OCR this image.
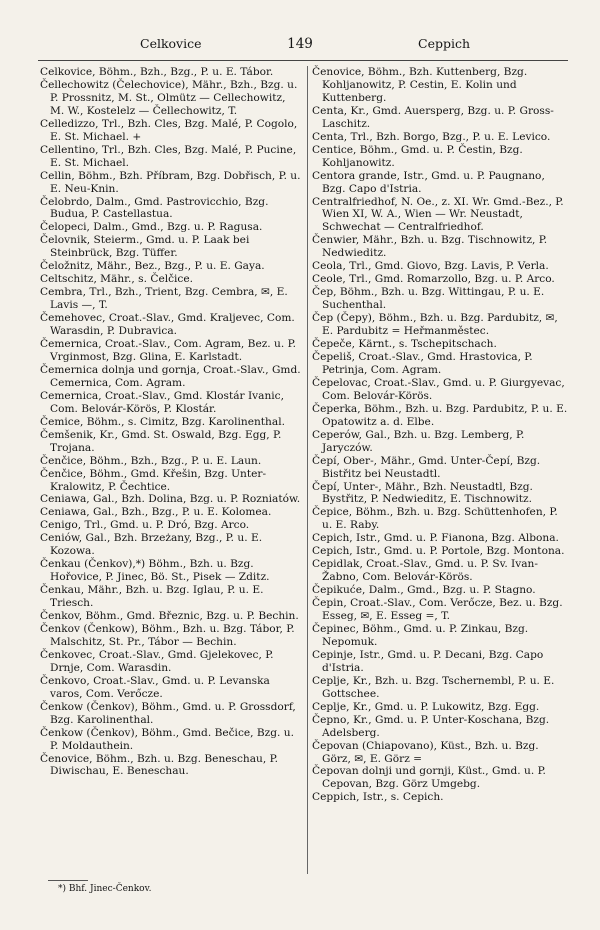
Celkovice	149	Ceppich
Celkovice, Böhm., Bzh., Bzg., P. u. E. Tábor.
Čellechowitz (Čelechovice), Mähr., Bzh., Bzg. u. P. Prossnitz, M. St., Olmütz — Cellechowitz, M. W., Kostelelz — Čellechowitz, T.
Celledizzo, Trl., Bzh. Cles, Bzg. Malé, P. Cogolo, E. St. Michael. +
Cellentino, Trl., Bzh. Cles, Bzg. Malé, P. Pucine, E. St. Michael.
Cellin, Böhm., Bzh. Příbram, Bzg. Dobřisch, P. u. E. Neu-Knin.
Čelobrdo, Dalm., Gmd. Pastrovicchio, Bzg. Budua, P. Castellastua.
Čelopeci, Dalm., Gmd., Bzg. u. P. Ragusa.
Čelovnik, Steierm., Gmd. u. P. Laak bei Steinbrück, Bzg. Tüffer.
Čeložnitz, Mähr., Bez., Bzg., P. u. E. Gaya.
Celtschitz, Mähr., s. Čelčice.
Cembra, Trl., Bzh., Trient, Bzg. Cembra, ✉, E. Lavis —, T.
Čemehovec, Croat.-Slav., Gmd. Kraljevec, Com. Warasdin, P. Dubravica.
Čemernica, Croat.-Slav., Com. Agram, Bez. u. P. Vrginmost, Bzg. Glina, E. Karlstadt.
Čemernica dolnja und gornja, Croat.-Slav., Gmd. Cemernica, Com. Agram.
Cemernica, Croat.-Slav., Gmd. Klostár Ivanic, Com. Belovár-Körös, P. Klostár.
Čemice, Böhm., s. Cimitz, Bzg. Karolinenthal.
Čemšenik, Kr., Gmd. St. Oswald, Bzg. Egg, P. Trojana.
Čenčice, Böhm., Bzh., Bzg., P. u. E. Laun.
Čenčice, Böhm., Gmd. Křešin, Bzg. Unter-Kralowitz, P. Čechtice.
Ceniawa, Gal., Bzh. Dolina, Bzg. u. P. Rozniatów.
Ceniawa, Gal., Bzh., Bzg., P. u. E. Kolomea.
Cenigo, Trl., Gmd. u. P. Dró, Bzg. Arco.
Ceniów, Gal., Bzh. Brzeżany, Bzg., P. u. E. Kozowa.
Čenkau (Čenkov),*) Böhm., Bzh. u. Bzg. Hořovice, P. Jinec, Bö. St., Pisek — Zditz.
Čenkau, Mähr., Bzh. u. Bzg. Iglau, P. u. E. Triesch.
Čenkov, Böhm., Gmd. Březnic, Bzg. u. P. Bechin.
Čenkov (Čenkow), Böhm., Bzh. u. Bzg. Tábor, P. Malschitz, St. Pr., Tábor — Bechin.
Čenkovec, Croat.-Slav., Gmd. Gjelekovec, P. Drnje, Com. Warasdin.
Čenkovo, Croat.-Slav., Gmd. u. P. Levanska varos, Com. Verőcze.
Čenkow (Čenkov), Böhm., Gmd. u. P. Grossdorf, Bzg. Karolinenthal.
Čenkow (Čenkov), Böhm., Gmd. Bečice, Bzg. u. P. Moldauthein.
Čenovice, Böhm., Bzh. u. Bzg. Beneschau, P. Diwischau, E. Beneschau.
Čenovice, Böhm., Bzh. Kuttenberg, Bzg. Kohljanowitz, P. Cestin, E. Kolin und Kuttenberg.
Centa, Kr., Gmd. Auersperg, Bzg. u. P. Gross-Laschitz.
Centa, Trl., Bzh. Borgo, Bzg., P. u. E. Levico.
Centice, Böhm., Gmd. u. P. Čestin, Bzg. Kohljanowitz.
Centora grande, Istr., Gmd. u. P. Paugnano, Bzg. Capo d'Istria.
Centralfriedhof, N. Oe., z. XI. Wr. Gmd.-Bez., P. Wien XI, W. A., Wien — Wr. Neustadt, Schwechat — Centralfriedhof.
Čenwier, Mähr., Bzh. u. Bzg. Tischnowitz, P. Nedwieditz.
Ceola, Trl., Gmd. Giovo, Bzg. Lavis, P. Verla.
Ceole, Trl., Gmd. Romarzollo, Bzg. u. P. Arco.
Čep, Böhm., Bzh. u. Bzg. Wittingau, P. u. E. Suchenthal.
Čep (Čepy), Böhm., Bzh. u. Bzg. Pardubitz, ✉, E. Pardubitz = Heřmanměstec.
Čepeče, Kärnt., s. Tschepitschach.
Čepeliš, Croat.-Slav., Gmd. Hrastovica, P. Petrinja, Com. Agram.
Čepelovac, Croat.-Slav., Gmd. u. P. Giurgyevac, Com. Belovár-Körös.
Čeperka, Böhm., Bzh. u. Bzg. Pardubitz, P. u. E. Opatowitz a. d. Elbe.
Ceperów, Gal., Bzh. u. Bzg. Lemberg, P. Jaryczów.
Čepí, Ober-, Mähr., Gmd. Unter-Čepí, Bzg. Bistřitz bei Neustadtl.
Čepí, Unter-, Mähr., Bzh. Neustadtl, Bzg. Bystřitz, P. Nedwieditz, E. Tischnowitz.
Čepice, Böhm., Bzh. u. Bzg. Schüttenhofen, P. u. E. Raby.
Cepich, Istr., Gmd. u. P. Fianona, Bzg. Albona.
Cepich, Istr., Gmd. u. P. Portole, Bzg. Montona.
Cepidlak, Croat.-Slav., Gmd. u. P. Sv. Ivan-Žabno, Com. Belovár-Körös.
Čepikuće, Dalm., Gmd., Bzg. u. P. Stagno.
Čepin, Croat.-Slav., Com. Verőcze, Bez. u. Bzg. Esseg, ✉, E. Esseg =, T.
Čepinec, Böhm., Gmd. u. P. Zinkau, Bzg. Nepomuk.
Cepinje, Istr., Gmd. u. P. Decani, Bzg. Capo d'Istria.
Ceplje, Kr., Bzh. u. Bzg. Tschernembl, P. u. E. Gottschee.
Ceplje, Kr., Gmd. u. P. Lukowitz, Bzg. Egg.
Čepno, Kr., Gmd. u. P. Unter-Koschana, Bzg. Adelsberg.
Čepovan (Chiapovano), Küst., Bzh. u. Bzg. Görz, ✉, E. Görz =
Čepovan dolnji und gornji, Küst., Gmd. u. P. Cepovan, Bzg. Görz Umgebg.
Ceppich, Istr., s. Cepich.
*) Bhf. Jinec-Čenkov.
